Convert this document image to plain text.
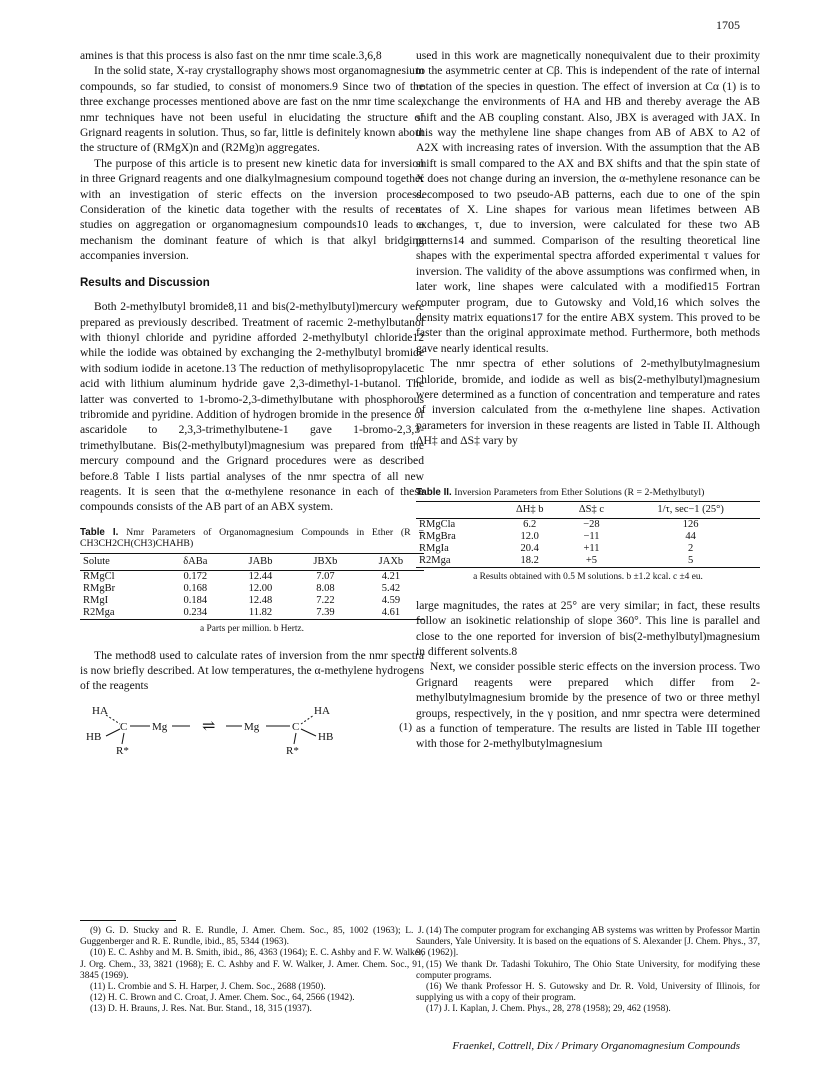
1705

amines is that this process is also fast on the nmr time scale.3,6,8

In the solid state, X-ray crystallography shows most organomagnesium compounds, so far studied, to consist of monomers.9 Since two of the three exchange processes mentioned above are fast on the nmr time scale, nmr techniques have not been useful in elucidating the structure of Grignard reagents in solution. Thus, so far, little is definitely known about the structure of (RMgX)n and (R2Mg)n aggregates.

The purpose of this article is to present new kinetic data for inversion in three Grignard reagents and one dialkylmagnesium compound together with an investigation of steric effects on the inversion process. Consideration of the kinetic data together with the results of recent studies on aggregation or organomagnesium compounds10 leads to a mechanism the dominant feature of which is that alkyl bridging accompanies inversion.

Results and Discussion

Both 2-methylbutyl bromide8,11 and bis(2-methylbutyl)mercury were prepared as previously described. Treatment of racemic 2-methylbutanol with thionyl chloride and pyridine afforded 2-methylbutyl chloride12 while the iodide was obtained by exchanging the 2-methylbutyl bromide with sodium iodide in acetone.13 The reduction of methylisopropylacetic acid with lithium aluminum hydride gave 2,3-dimethyl-1-butanol. The latter was converted to 1-bromo-2,3-dimethylbutane with phosphorous tribromide and pyridine. Addition of hydrogen bromide in the presence of ascaridole to 2,3,3-trimethylbutene-1 gave 1-bromo-2,3,3-trimethylbutane. Bis(2-methylbutyl)magnesium was prepared from the mercury compound and the Grignard procedures were as described before.8 Table I lists partial analyses of the nmr spectra of all new reagents. It is seen that the α-methylene resonance in each of these compounds consists of the AB part of an ABX system.

Table I. Nmr Parameters of Organomagnesium Compounds in Ether (R = CH3CH2CH(CH3)CHAHB)
Solute	δABa	JABb	JBXb	JAXb
RMgCl	0.172	12.44	7.07	4.21
RMgBr	0.168	12.00	8.08	5.42
RMgI	0.184	12.48	7.22	4.59
R2Mga	0.234	11.82	7.39	4.61
a Parts per million. b Hertz.

The method8 used to calculate rates of inversion from the nmr spectra is now briefly described. At low temperatures, the α-methylene hydrogens of the reagents

HA
HB
R*
C Mg ⇌	Mg	C
HA
HB
R*
(1)

used in this work are magnetically nonequivalent due to their proximity to the asymmetric center at Cβ. This is independent of the rate of internal rotation of the species in question. The effect of inversion at Cα (1) is to exchange the environments of HA and HB and thereby average the AB shift and the AB coupling constant. Also, JBX is averaged with JAX. In this way the methylene line shape changes from AB of ABX to A2 of A2X with increasing rates of inversion. With the assumption that the AB shift is small compared to the AX and BX shifts and that the spin state of X does not change during an inversion, the α-methylene resonance can be decomposed to two pseudo-AB patterns, each due to one of the spin states of X. Line shapes for various mean lifetimes between AB exchanges, τ, due to inversion, were calculated for these two AB patterns14 and summed. Comparison of the resulting theoretical line shapes with the experimental spectra afforded experimental τ values for inversion. The validity of the above assumptions was confirmed when, in later work, line shapes were calculated with a modified15 Fortran computer program, due to Gutowsky and Vold,16 which solves the density matrix equations17 for the entire ABX system. This proved to be faster than the original approximate method. Furthermore, both methods gave nearly identical results.

The nmr spectra of ether solutions of 2-methylbutylmagnesium chloride, bromide, and iodide as well as bis(2-methylbutyl)magnesium were determined as a function of concentration and temperature and rates of inversion calculated from the α-methylene line shapes. Activation parameters for inversion in these reagents are listed in Table II. Although ΔH‡ and ΔS‡ vary by

Table II. Inversion Parameters from Ether Solutions (R = 2-Methylbutyl)
	ΔH‡ b	ΔS‡ c	1/τ, sec−1 (25°)
RMgCla	6.2	−28	126
RMgBra	12.0	−11	44
RMgIa	20.4	+11	2
R2Mga	18.2	+5	5
a Results obtained with 0.5 M solutions. b ±1.2 kcal. c ±4 eu.

large magnitudes, the rates at 25° are very similar; in fact, these results follow an isokinetic relationship of slope 360°. This line is parallel and close to the one reported for inversion of bis(2-methylbutyl)magnesium in different solvents.8

Next, we consider possible steric effects on the inversion process. Two Grignard reagents were prepared which differ from 2-methylbutylmagnesium bromide by the presence of two or three methyl groups, respectively, in the γ position, and nmr spectra were determined as a function of temperature. The results are listed in Table III together with those for 2-methylbutylmagnesium

(9) G. D. Stucky and R. E. Rundle, J. Amer. Chem. Soc., 85, 1002 (1963); L. J. Guggenberger and R. E. Rundle, ibid., 85, 5344 (1963).

(10) E. C. Ashby and M. B. Smith, ibid., 86, 4363 (1964); E. C. Ashby and F. W. Walker, J. Org. Chem., 33, 3821 (1968); E. C. Ashby and F. W. Walker, J. Amer. Chem. Soc., 91, 3845 (1969).

(11) L. Crombie and S. H. Harper, J. Chem. Soc., 2688 (1950).

(12) H. C. Brown and C. Croat, J. Amer. Chem. Soc., 64, 2566 (1942).

(13) D. H. Brauns, J. Res. Nat. Bur. Stand., 18, 315 (1937).

(14) The computer program for exchanging AB systems was written by Professor Martin Saunders, Yale University. It is based on the equations of S. Alexander [J. Chem. Phys., 37, 96 (1962)].

(15) We thank Dr. Tadashi Tokuhiro, The Ohio State University, for modifying these computer programs.

(16) We thank Professor H. S. Gutowsky and Dr. R. Vold, University of Illinois, for supplying us with a copy of their program.

(17) J. I. Kaplan, J. Chem. Phys., 28, 278 (1958); 29, 462 (1958).

Fraenkel, Cottrell, Dix / Primary Organomagnesium Compounds
